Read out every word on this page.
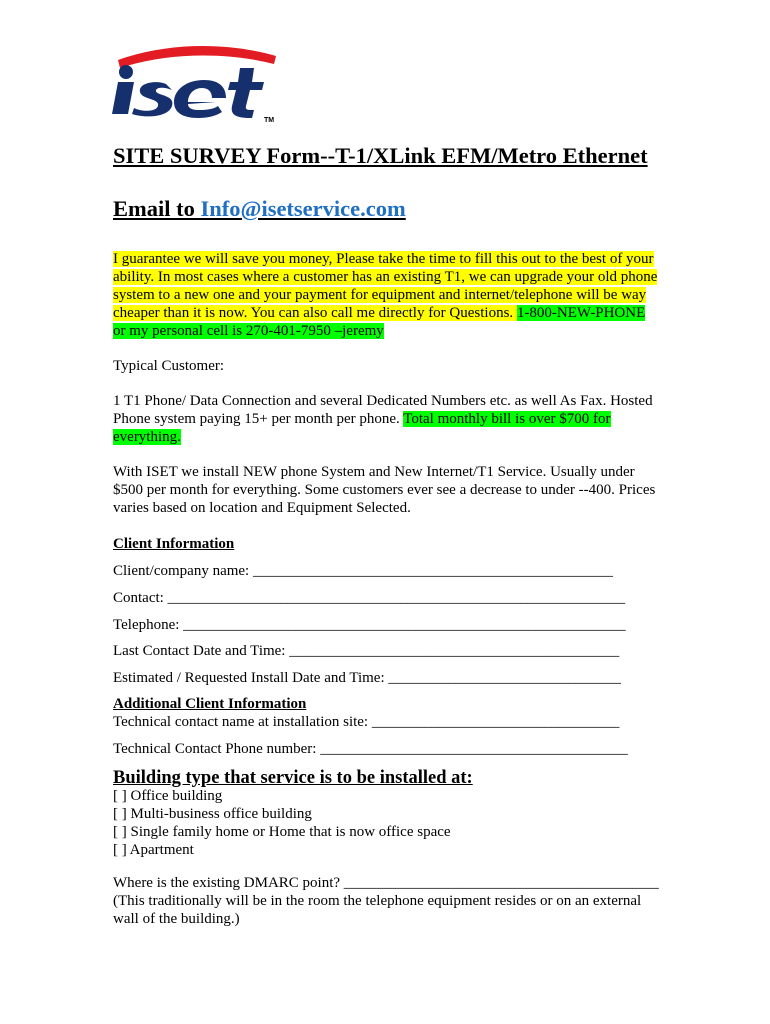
TM
SITE SURVEY Form--T-1/XLink EFM/Metro Ethernet
Email to Info@isetservice.com

I guarantee we will save you money, Please take the time to fill this out to the best of your ability. In most cases where a customer has an existing T1, we can upgrade your old phone system to a new one and your payment for equipment and internet/telephone will be way cheaper than it is now. You can also call me directly for Questions. 1-800-NEW-PHONE or my personal cell is 270-401-7950 –jeremy

Typical Customer:

1 T1 Phone/ Data Connection and several Dedicated Numbers etc. as well As Fax. Hosted Phone system paying 15+ per month per phone. Total monthly bill is over $700 for everything.

With ISET we install NEW phone System and New Internet/T1 Service. Usually under $500 per month for everything. Some customers ever see a decrease to under --400. Prices varies based on location and Equipment Selected.

Client Information

Client/company name: ________________________________________________

Contact: _____________________________________________________________

Telephone: ___________________________________________________________

Last Contact Date and Time: ____________________________________________

Estimated / Requested Install Date and Time: _______________________________

Additional Client Information

Technical contact name at installation site: _________________________________

Technical Contact Phone number: _________________________________________

Building type that service is to be installed at:
[ ] Office building
[ ] Multi-business office building
[ ] Single family home or Home that is now office space
[ ] Apartment

Where is the existing DMARC point? __________________________________________

(This traditionally will be in the room the telephone equipment resides or on an external wall of the building.)
